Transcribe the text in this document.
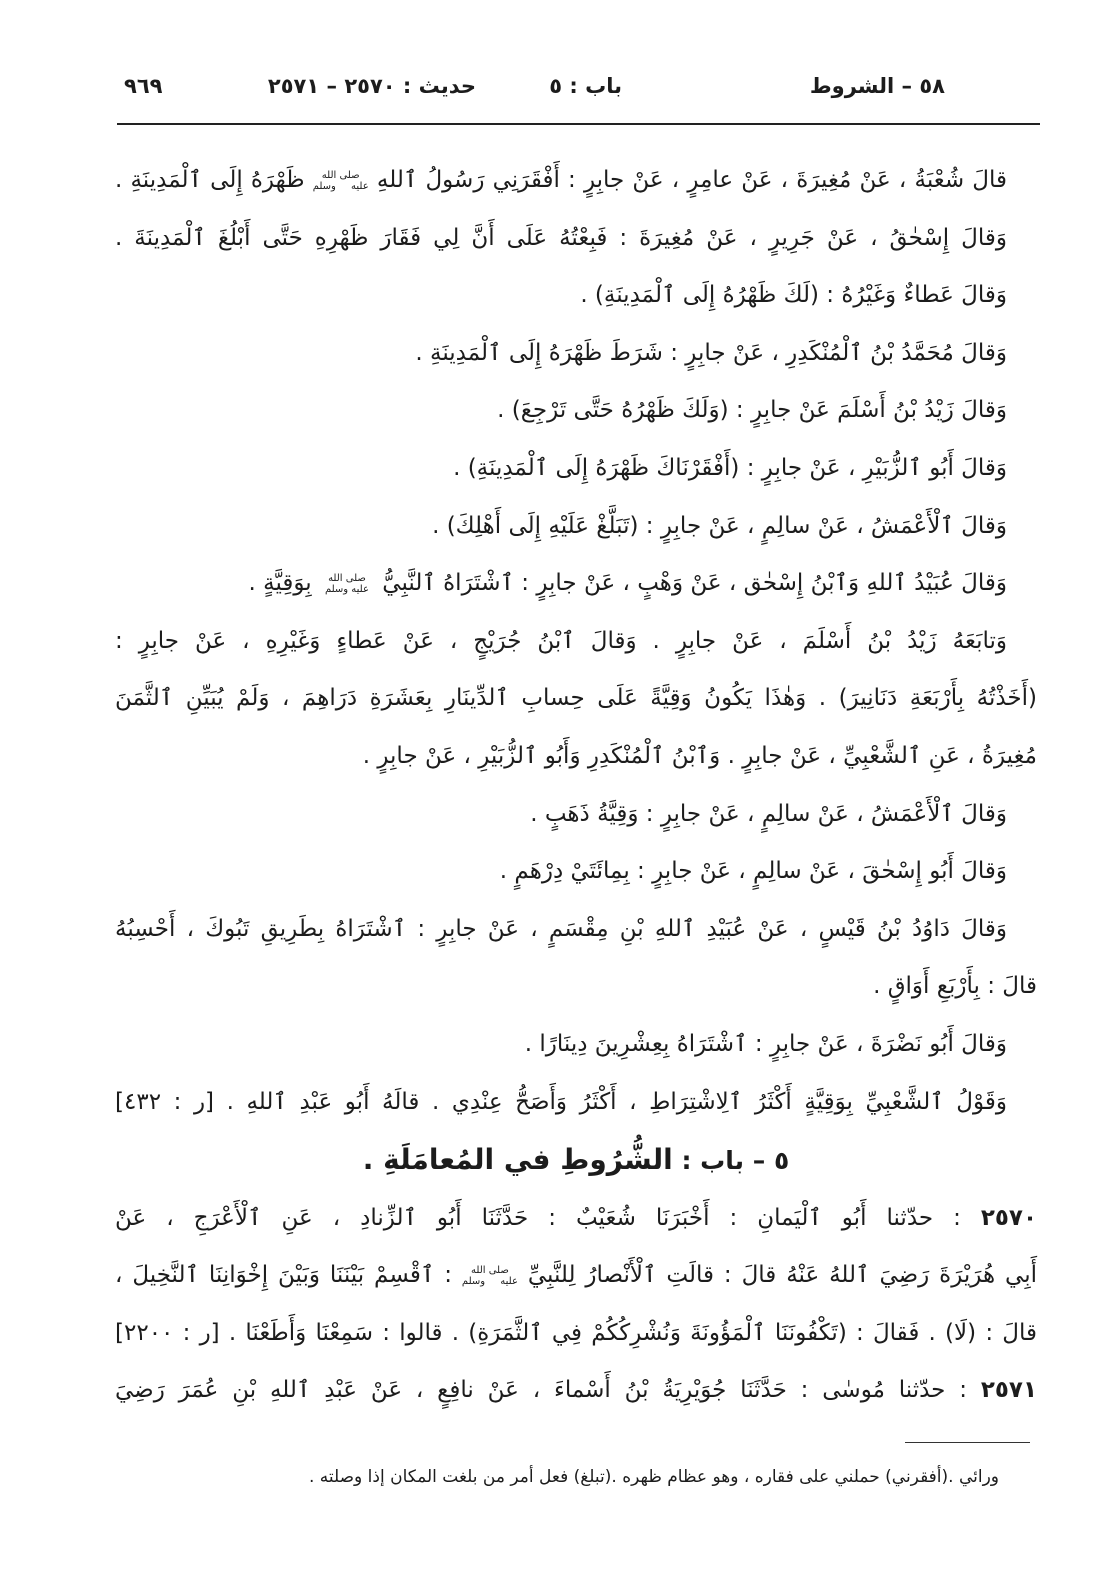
٥٨ – الشروط
باب : ٥
حديث : ٢٥٧٠ – ٢٥٧١
٩٦٩
قالَ شُعْبَةُ ، عَنْ مُغِيرَةَ ، عَنْ عامِرٍ ، عَنْ جابِرٍ : أَفْقَرَنِي رَسُولُ ٱللهِ صلى الله عليه وسلم ظَهْرَهُ إِلَى ٱلْمَدِينَةِ .
وَقالَ إِسْحٰقُ ، عَنْ جَرِيرٍ ، عَنْ مُغِيرَةَ : فَبِعْتُهُ عَلَى أَنَّ لِي فَقَارَ ظَهْرِهِ حَتَّى أَبْلُغَ ٱلْمَدِينَةَ .
وَقالَ عَطاءٌ وَغَيْرُهُ : (لَكَ ظَهْرُهُ إِلَى ٱلْمَدِينَةِ) .
وَقالَ مُحَمَّدُ بْنُ ٱلْمُنْكَدِرِ ، عَنْ جابِرٍ : شَرَطَ ظَهْرَهُ إِلَى ٱلْمَدِينَةِ .
وَقالَ زَيْدُ بْنُ أَسْلَمَ عَنْ جابِرٍ : (وَلَكَ ظَهْرُهُ حَتَّى تَرْجِعَ) .
وَقالَ أَبُو ٱلزُّبَيْرِ ، عَنْ جابِرٍ : (أَفْقَرْنَاكَ ظَهْرَهُ إِلَى ٱلْمَدِينَةِ) .
وَقالَ ٱلْأَعْمَشُ ، عَنْ سالِمٍ ، عَنْ جابِرٍ : (تَبَلَّغْ عَلَيْهِ إِلَى أَهْلِكَ) .
وَقالَ عُبَيْدُ ٱللهِ وَٱبْنُ إِسْحٰق ، عَنْ وَهْبٍ ، عَنْ جابِرٍ : ٱشْتَرَاهُ ٱلنَّبِيُّ صلى الله عليه وسلم بِوَقِيَّةٍ .
وَتابَعَهُ زَيْدُ بْنُ أَسْلَمَ ، عَنْ جابِرٍ . وَقالَ ٱبْنُ جُرَيْجٍ ، عَنْ عَطاءٍ وَغَيْرِهِ ، عَنْ جابِرٍ :
(أَخَذْتُهُ بِأَرْبَعَةِ دَنَانِيرَ) . وَهٰذَا يَكُونُ وَقِيَّةً عَلَى حِسابِ ٱلدِّينَارِ بِعَشَرَةِ دَرَاهِمَ ، وَلَمْ يُبَيِّنِ ٱلثَّمَنَ
مُغِيرَةُ ، عَنِ ٱلشَّعْبِيِّ ، عَنْ جابِرٍ . وَٱبْنُ ٱلْمُنْكَدِرِ وَأَبُو ٱلزُّبَيْرِ ، عَنْ جابِرٍ .
وَقالَ ٱلْأَعْمَشُ ، عَنْ سالِمٍ ، عَنْ جابِرٍ : وَقِيَّةُ ذَهَبٍ .
وَقالَ أَبُو إِسْحٰقَ ، عَنْ سالِمٍ ، عَنْ جابِرٍ : بِمِائَتَيْ دِرْهَمٍ .
وَقالَ دَاوُدُ بْنُ قَيْسٍ ، عَنْ عُبَيْدِ ٱللهِ بْنِ مِقْسَمٍ ، عَنْ جابِرٍ : ٱشْتَرَاهُ بِطَرِيقِ تَبُوكَ ، أَحْسِبُهُ
قالَ : بِأَرْبَعِ أَوَاقٍ .
وَقالَ أَبُو نَضْرَةَ ، عَنْ جابِرٍ : ٱشْتَرَاهُ بِعِشْرِينَ دِينَارًا .
وَقَوْلُ ٱلشَّعْبِيِّ بِوَقِيَّةٍ أَكْثَرُ ٱلِاشْتِرَاطِ ، أَكْثَرُ وَأَصَحُّ عِنْدِي . قالَهُ أَبُو عَبْدِ ٱللهِ . [ر : ٤٣٢]
٥ – باب : الشُّرُوطِ في المُعامَلَةِ .
٢٥٧٠ : حدّثنا أَبُو ٱلْيَمانِ : أَخْبَرَنَا شُعَيْبٌ : حَدَّثَنَا أَبُو ٱلزِّنادِ ، عَنِ ٱلْأَعْرَجِ ، عَنْ
أَبِي هُرَيْرَةَ رَضِيَ ٱللهُ عَنْهُ قالَ : قالَتِ ٱلْأَنْصارُ لِلنَّبِيِّ صلى الله عليه وسلم : ٱقْسِمْ بَيْنَنَا وَبَيْنَ إِخْوَانِنَا ٱلنَّخِيلَ ،
قالَ : (لَا) . فَقالَ : (تَكْفُونَنَا ٱلْمَؤُونَةَ وَنُشْرِكُكُمْ فِي ٱلثَّمَرَةِ) . قالوا : سَمِعْنَا وَأَطَعْنَا . [ر : ٢٢٠٠]
٢٥٧١ : حدّثنا مُوسٰى : حَدَّثَنَا جُوَيْرِيَةُ بْنُ أَسْماءَ ، عَنْ نافِعٍ ، عَنْ عَبْدِ ٱللهِ بْنِ عُمَرَ رَضِيَ
ورائي .(أفقرني) حملني على فقاره ، وهو عظام ظهره .(تبلغ) فعل أمر من بلغت المكان إذا وصلته .
